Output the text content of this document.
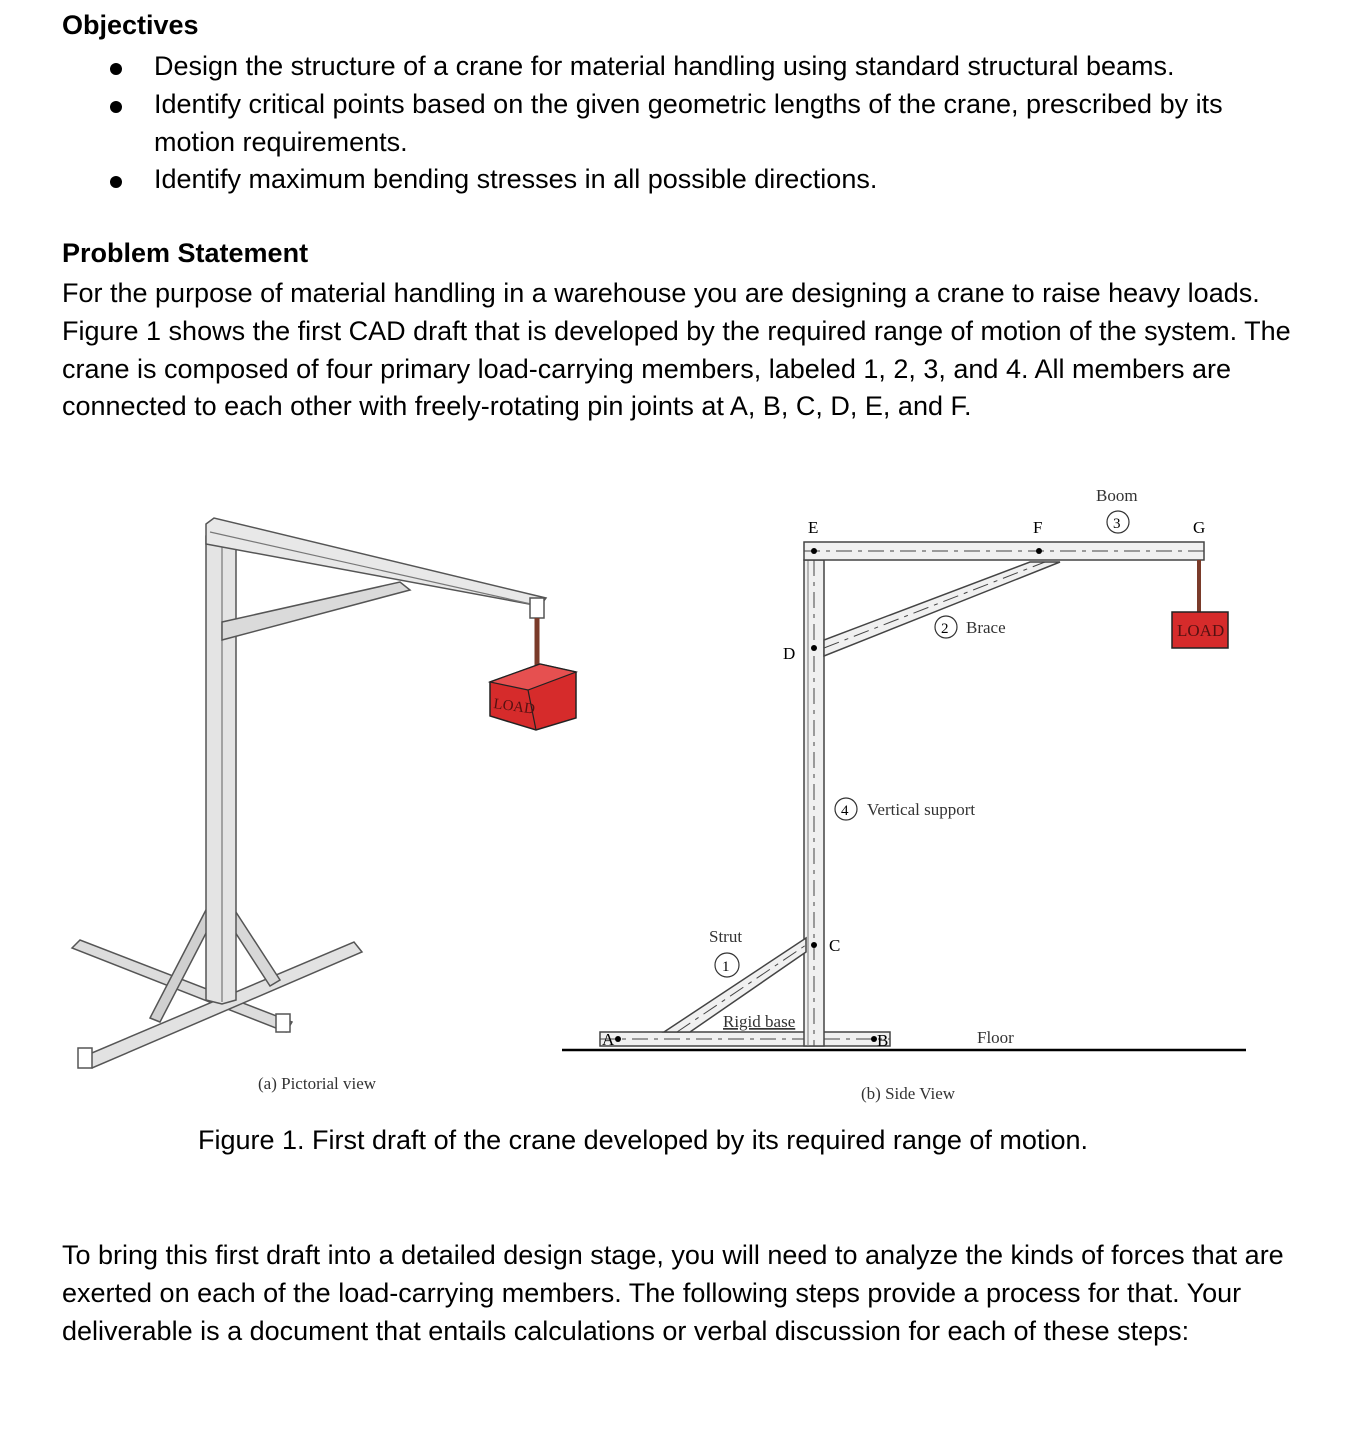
Objectives
Design the structure of a crane for material handling using standard structural beams.
Identify critical points based on the given geometric lengths of the crane, prescribed by its motion requirements.
Identify maximum bending stresses in all possible directions.
Problem Statement

For the purpose of material handling in a warehouse you are designing a crane to raise heavy loads. Figure 1 shows the first CAD draft that is developed by the required range of motion of the system. The crane is composed of four primary load-carrying members, labeled 1, 2, 3, and 4. All members are connected to each other with freely-rotating pin joints at A, B, C, D, E, and F.

LOAD
(a) Pictorial view
LOAD
E	F	G
D
C
A	B
Boom
3
2 Brace
4 Vertical support
Strut
1
Rigid base
Floor
(b) Side View
Figure 1. First draft of the crane developed by its required range of motion.

To bring this first draft into a detailed design stage, you will need to analyze the kinds of forces that are exerted on each of the load-carrying members. The following steps provide a process for that. Your deliverable is a document that entails calculations or verbal discussion for each of these steps:
